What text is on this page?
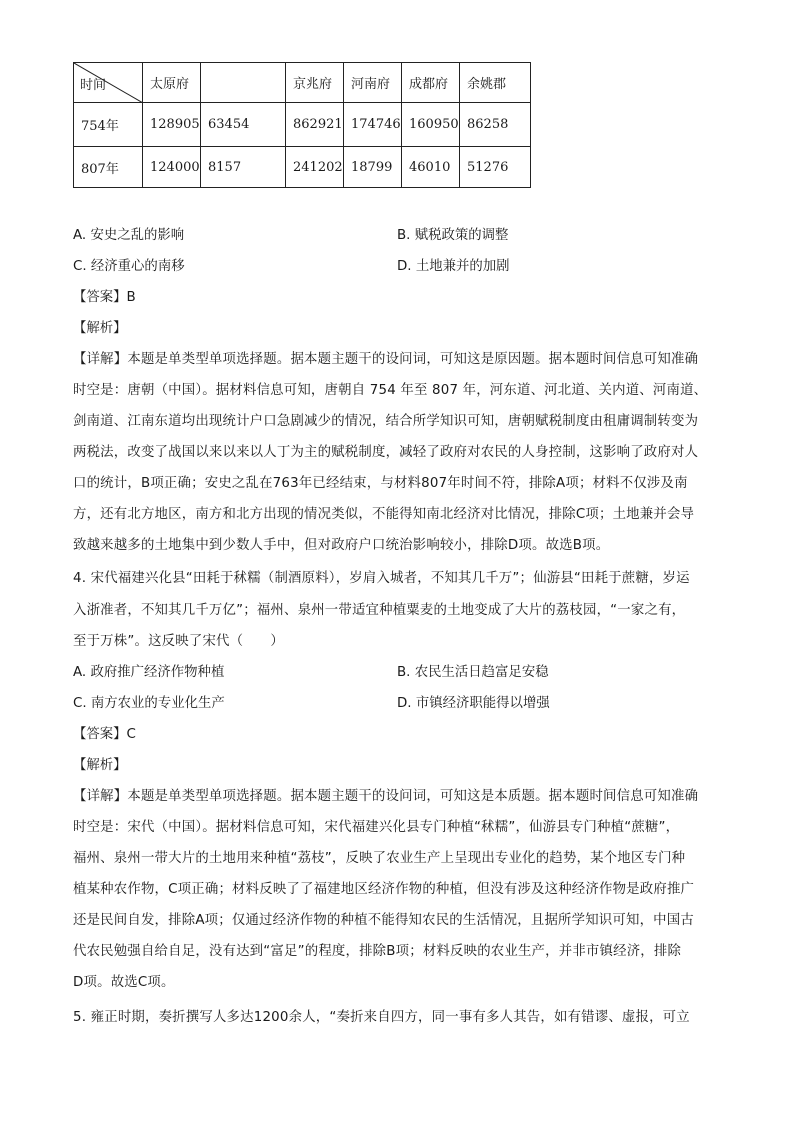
时间	太原府		京兆府	河南府	成都府	余姚郡
754年	128905	63454	862921	174746	160950	86258
807年	124000	8157	241202	18799	46010	51276
A. 安史之乱的影响	B. 赋税政策的调整
C. 经济重心的南移	D. 土地兼并的加剧
【答案】B
【解析】
【详解】本题是单类型单项选择题。据本题主题干的设问词，可知这是原因题。据本题时间信息可知准确
时空是：唐朝（中国）。据材料信息可知，唐朝自 754 年至 807 年，河东道、河北道、关内道、河南道、
剑南道、江南东道均出现统计户口急剧减少的情况，结合所学知识可知，唐朝赋税制度由租庸调制转变为
两税法，改变了战国以来以来以人丁为主的赋税制度，减轻了政府对农民的人身控制，这影响了政府对人
口的统计，B项正确；安史之乱在763年已经结束，与材料807年时间不符，排除A项；材料不仅涉及南
方，还有北方地区，南方和北方出现的情况类似，不能得知南北经济对比情况，排除C项；土地兼并会导
致越来越多的土地集中到少数人手中，但对政府户口统治影响较小，排除D项。故选B项。
4. 宋代福建兴化县“田耗于秫糯（制酒原料），岁肩入城者，不知其几千万”；仙游县“田耗于蔗糖，岁运
入浙准者，不知其几千万亿”；福州、泉州一带适宜种植粟麦的土地变成了大片的荔枝园，“一家之有，
至于万株”。这反映了宋代（　　）
A. 政府推广经济作物种植	B. 农民生活日趋富足安稳
C. 南方农业的专业化生产	D. 市镇经济职能得以增强
【答案】C
【解析】
【详解】本题是单类型单项选择题。据本题主题干的设问词，可知这是本质题。据本题时间信息可知准确
时空是：宋代（中国）。据材料信息可知，宋代福建兴化县专门种植“秫糯”，仙游县专门种植“蔗糖”，
福州、泉州一带大片的土地用来种植“荔枝”，反映了农业生产上呈现出专业化的趋势，某个地区专门种
植某种农作物，C项正确；材料反映了了福建地区经济作物的种植，但没有涉及这种经济作物是政府推广
还是民间自发，排除A项；仅通过经济作物的种植不能得知农民的生活情况，且据所学知识可知，中国古
代农民勉强自给自足，没有达到“富足”的程度，排除B项；材料反映的农业生产，并非市镇经济，排除
D项。故选C项。
5. 雍正时期，奏折撰写人多达1200余人，“奏折来自四方，同一事有多人其告，如有错谬、虚报，可立
